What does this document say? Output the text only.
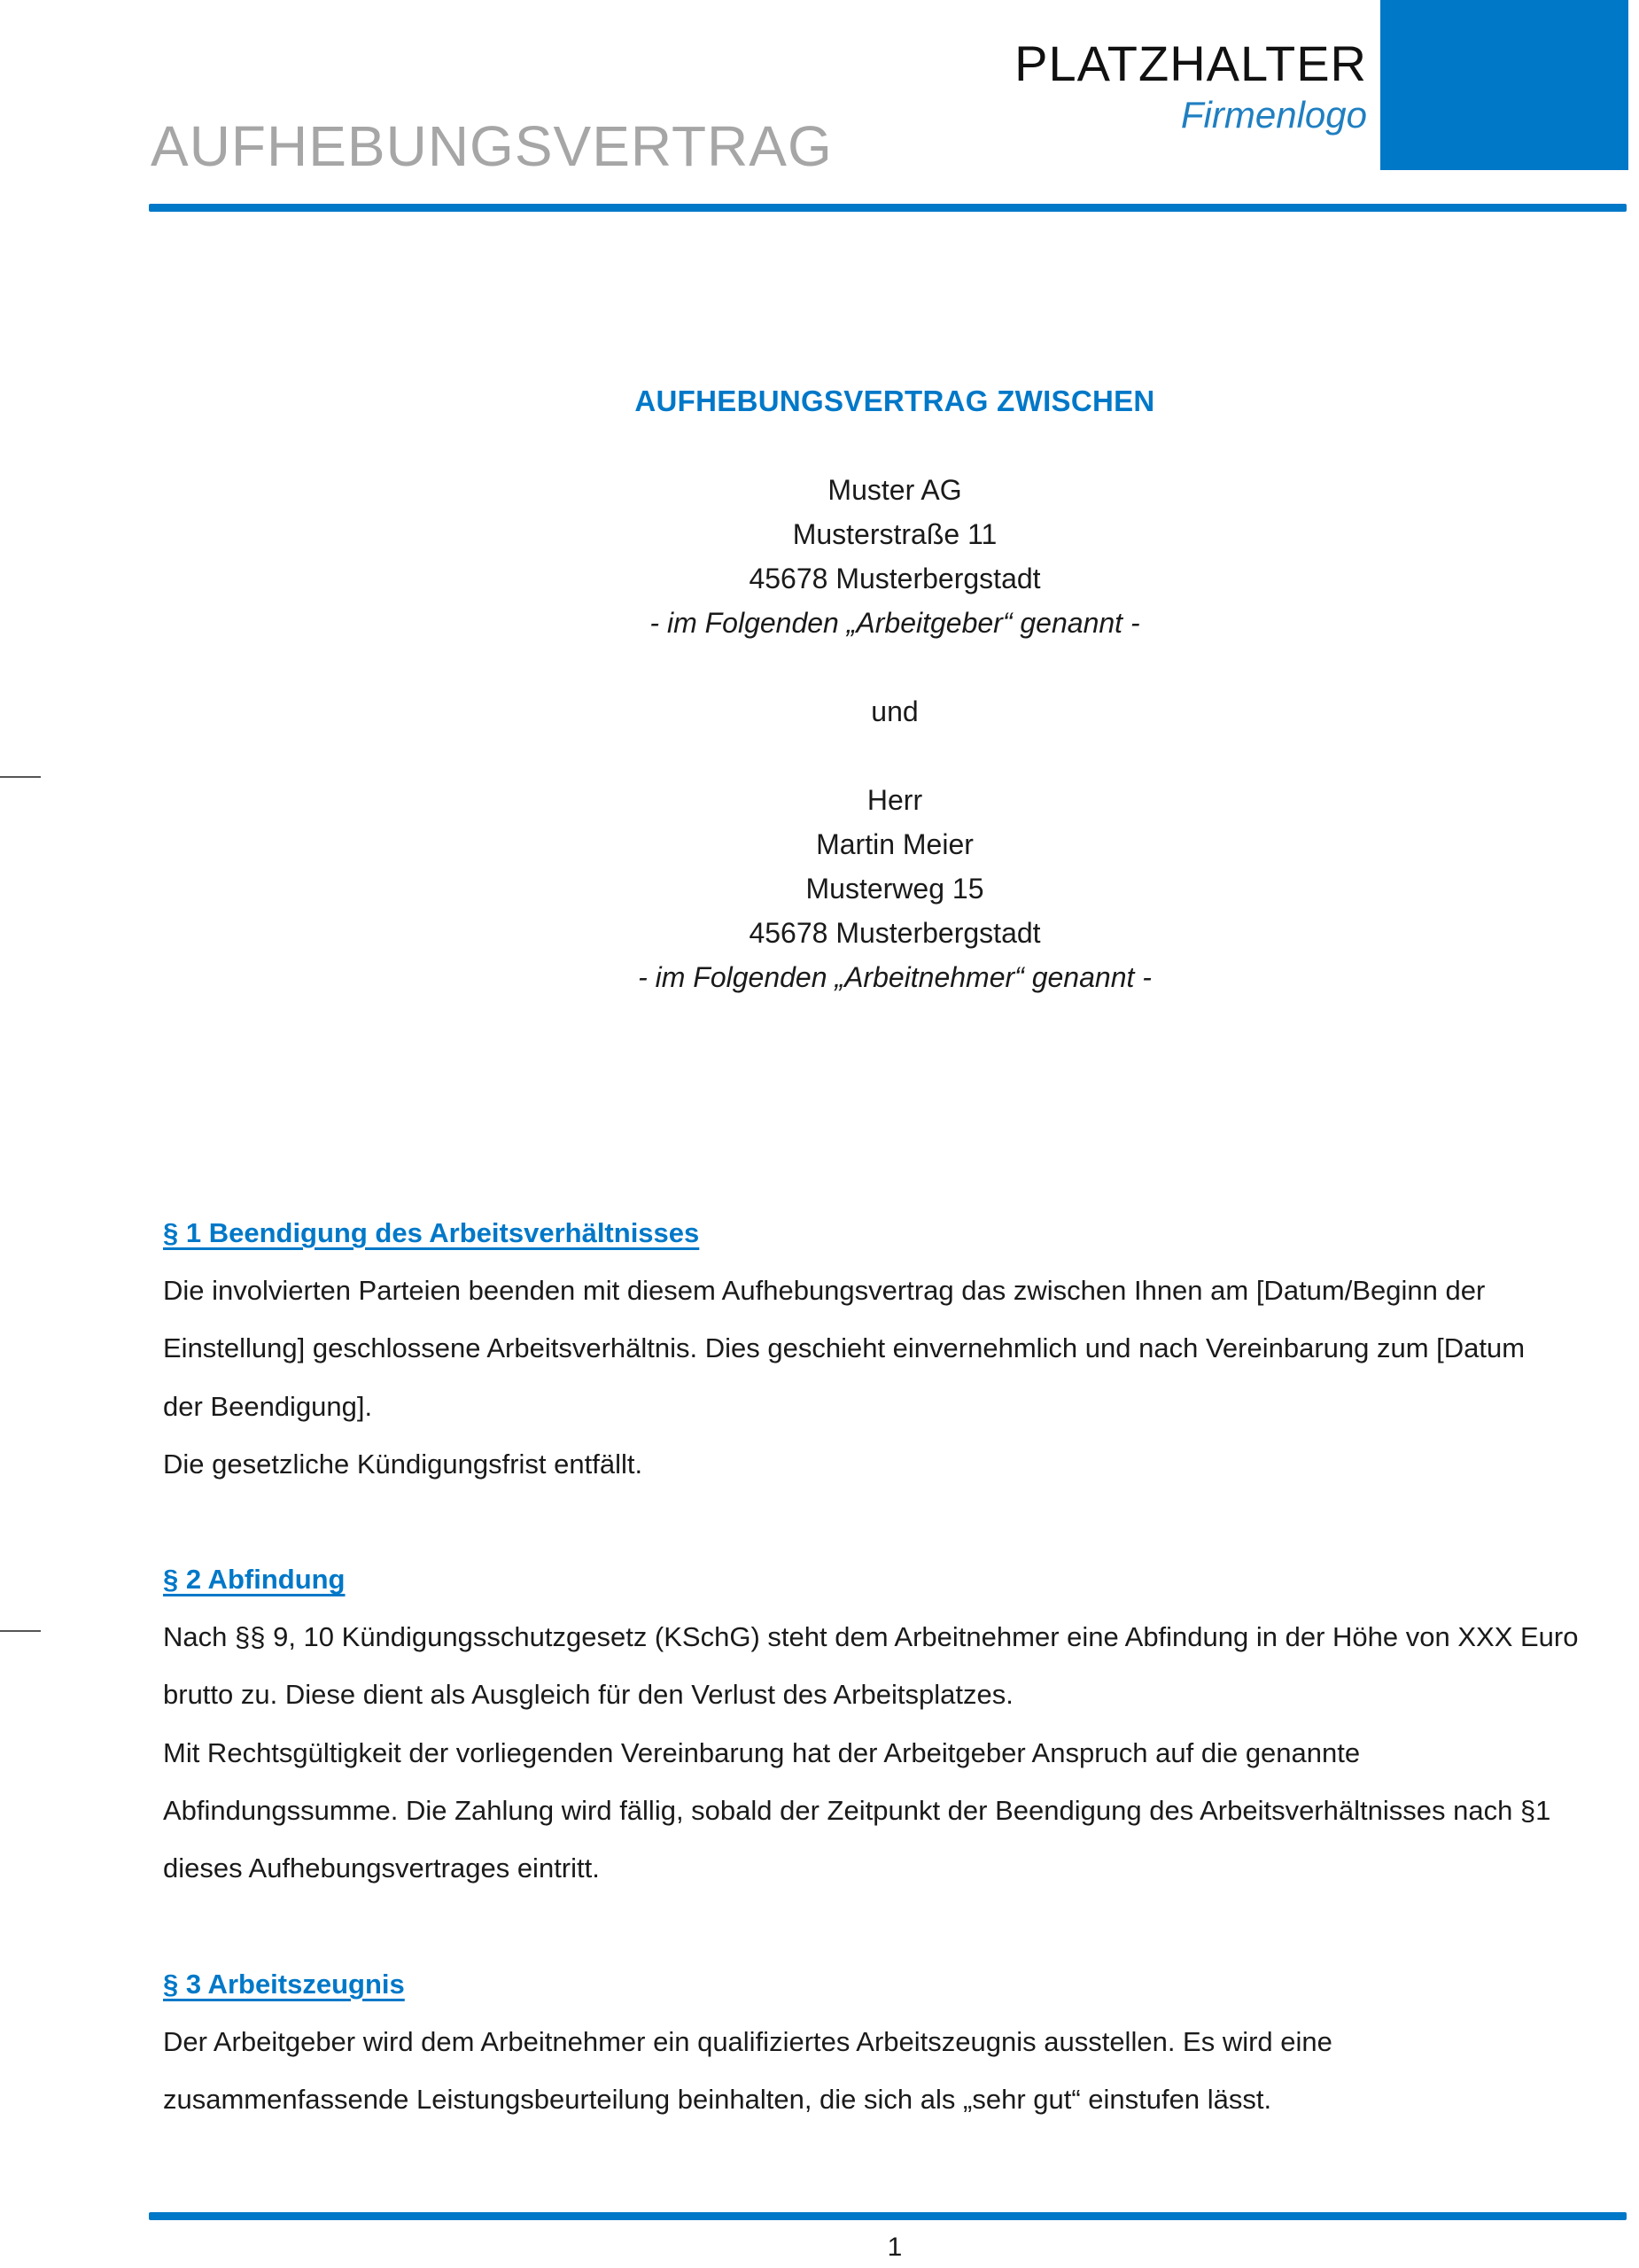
AUFHEBUNGSVERTRAG
PLATZHALTER
Firmenlogo
AUFHEBUNGSVERTRAG ZWISCHEN
Muster AG
Musterstraße 11
45678 Musterbergstadt
- im Folgenden „Arbeitgeber“ genannt -
und
Herr
Martin Meier
Musterweg 15
45678 Musterbergstadt
- im Folgenden „Arbeitnehmer“ genannt -
§ 1 Beendigung des Arbeitsverhältnisses
Die involvierten Parteien beenden mit diesem Aufhebungsvertrag das zwischen Ihnen am [Datum/Beginn der
Einstellung] geschlossene Arbeitsverhältnis. Dies geschieht einvernehmlich und nach Vereinbarung zum [Datum
der Beendigung].
Die gesetzliche Kündigungsfrist entfällt.
§ 2 Abfindung
Nach §§ 9, 10 Kündigungsschutzgesetz (KSchG) steht dem Arbeitnehmer eine Abfindung in der Höhe von XXX Euro
brutto zu. Diese dient als Ausgleich für den Verlust des Arbeitsplatzes.
Mit Rechtsgültigkeit der vorliegenden Vereinbarung hat der Arbeitgeber Anspruch auf die genannte
Abfindungssumme. Die Zahlung wird fällig, sobald der Zeitpunkt der Beendigung des Arbeitsverhältnisses nach §1
dieses Aufhebungsvertrages eintritt.
§ 3 Arbeitszeugnis
Der Arbeitgeber wird dem Arbeitnehmer ein qualifiziertes Arbeitszeugnis ausstellen. Es wird eine
zusammenfassende Leistungsbeurteilung beinhalten, die sich als „sehr gut“ einstufen lässt.
1
